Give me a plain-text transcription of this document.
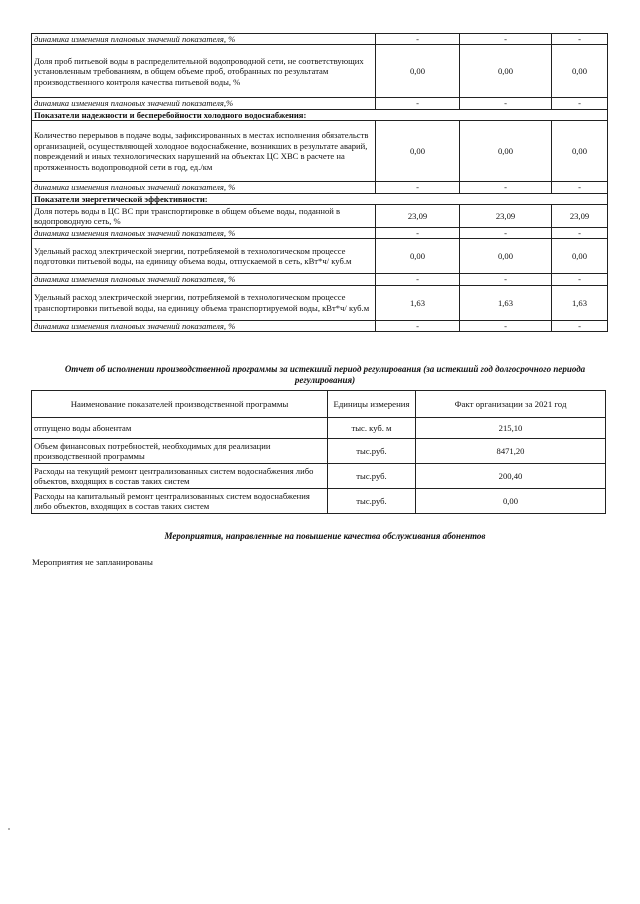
динамика изменения плановых значений показателя, %	-	-	-
Доля проб питьевой воды в распределительной водопроводной сети, не соответствующих установленным требованиям, в общем объеме проб, отобранных по результатам производственного контроля качества питьевой воды, %	0,00	0,00	0,00
динамика изменения плановых значений показателя,%	-	-	-
Показатели надежности и бесперебойности холодного водоснабжения:			
Количество перерывов в подаче воды, зафиксированных в местах исполнения обязательств организацией, осуществляющей холодное водоснабжение, возникших в результате аварий, повреждений и иных технологических нарушений на объектах ЦС ХВС в расчете на протяженность водопроводной сети в год, ед./км	0,00	0,00	0,00
динамика изменения плановых значений показателя, %	-	-	-
Показатели энергетической эффективности:			
Доля потерь воды в ЦС ВС при транспортировке в общем объеме воды, поданной в водопроводную сеть, %	23,09	23,09	23,09
динамика изменения плановых значений показателя, %	-	-	-
Удельный расход электрической энергии, потребляемой в технологическом процессе подготовки питьевой воды, на единицу объема воды, отпускаемой в сеть, кВт*ч/ куб.м	0,00	0,00	0,00
динамика изменения плановых значений показателя, %	-	-	-
Удельный расход электрической энергии, потребляемой в технологическом процессе транспортировки питьевой воды, на единицу объема транспортируемой воды, кВт*ч/ куб.м	1,63	1,63	1,63
динамика изменения плановых значений показателя, %	-	-	-
Отчет об исполнении производственной программы за истекший период регулирования (за истекший год долгосрочного периода регулирования)
Наименование показателей производственной программы	Единицы измерения	Факт организации за 2021 год
отпущено воды абонентам	тыс. куб. м	215,10
Объем финансовых потребностей, необходимых для реализации производственной программы	тыс.руб.	8471,20
Расходы на текущий ремонт централизованных систем водоснабжения либо объектов, входящих в состав таких систем	тыс.руб.	200,40
Расходы на капитальный ремонт централизованных систем водоснабжения либо объектов, входящих в состав таких систем	тыс.руб.	0,00
Мероприятия, направленные на повышение качества обслуживания абонентов
Мероприятия не запланированы
